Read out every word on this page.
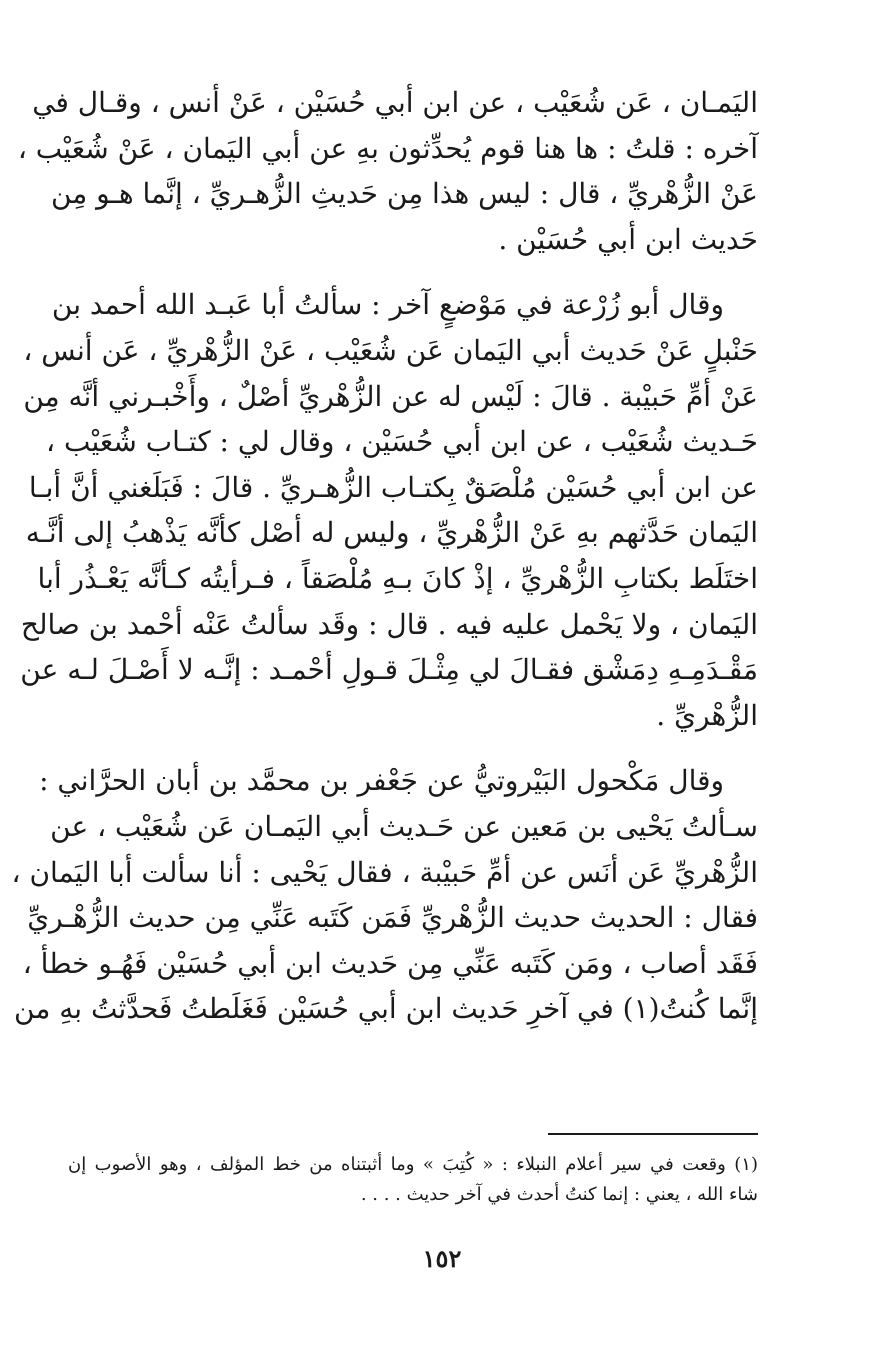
اليَمـان ، عَن شُعَيْب ، عن ابن أبي حُسَيْن ، عَنْ أنس ، وقـال في
آخره : قلتُ : ها هنا قوم يُحدِّثون بهِ عن أبي اليَمان ، عَنْ شُعَيْب ،
عَنْ الزُّهْريِّ ، قال : ليس هذا مِن حَديثِ الزُّهـريِّ ، إنَّما هـو مِن
حَديث ابن أبي حُسَيْن .

وقال أبو زُرْعة في مَوْضعٍ آخر : سألتُ أبا عَبـد الله أحمد بن
حَنْبلٍ عَنْ حَديث أبي اليَمان عَن شُعَيْب ، عَنْ الزُّهْريِّ ، عَن أنس ،
عَنْ أمِّ حَبيْبة . قالَ : لَيْس له عن الزُّهْريِّ أصْلٌ ، وأَخْبـرني أنَّه مِن
حَـديث شُعَيْب ، عن ابن أبي حُسَيْن ، وقال لي : كتـاب شُعَيْب ،
عن ابن أبي حُسَيْن مُلْصَقٌ بِكتـاب الزُّهـريِّ . قالَ : فَبَلَغني أنَّ أبـا
اليَمان حَدَّثهم بهِ عَنْ الزُّهْريِّ ، وليس له أصْل كأنَّه يَذْهبُ إلى أنَّـه
اختَلَط بكتابِ الزُّهْريِّ ، إذْ كانَ بـهِ مُلْصَقاً ، فـرأيتُه كـأنَّه يَعْـذُر أبا
اليَمان ، ولا يَحْمل عليه فيه . قال : وقَد سألتُ عَنْه أحْمد بن صالح
مَقْـدَمِـهِ دِمَشْق فقـالَ لي مِثْـلَ قـولِ أحْمـد : إنَّـه لا أَصْـلَ لـه عن
الزُّهْريِّ .

وقال مَكْحول البَيْروتيُّ عن جَعْفر بن محمَّد بن أبان الحرَّاني :
سـألتُ يَحْيى بن مَعين عن حَـديث أبي اليَمـان عَن شُعَيْب ، عن
الزُّهْريِّ عَن أنَس عن أمِّ حَبيْبة ، فقال يَحْيى : أنا سألت أبا اليَمان ،
فقال : الحديث حديث الزُّهْريِّ فَمَن كَتَبه عَنِّي مِن حديث الزُّهْـريِّ
فَقَد أصاب ، ومَن كَتَبه عَنِّي مِن حَديث ابن أبي حُسَيْن فَهُـو خطأ ،
إنَّما كُنتُ(١) في آخرِ حَديث ابن أبي حُسَيْن فَغَلَطتُ فَحدَّثتُ بهِ من

(١) وقعت في سير أعلام النبلاء : « كُتِبَ » وما أثبتناه من خط المؤلف ، وهو الأصوب إن
شاء الله ، يعني : إنما كنتُ أحدث في آخر حديث . . . .
١٥٢
